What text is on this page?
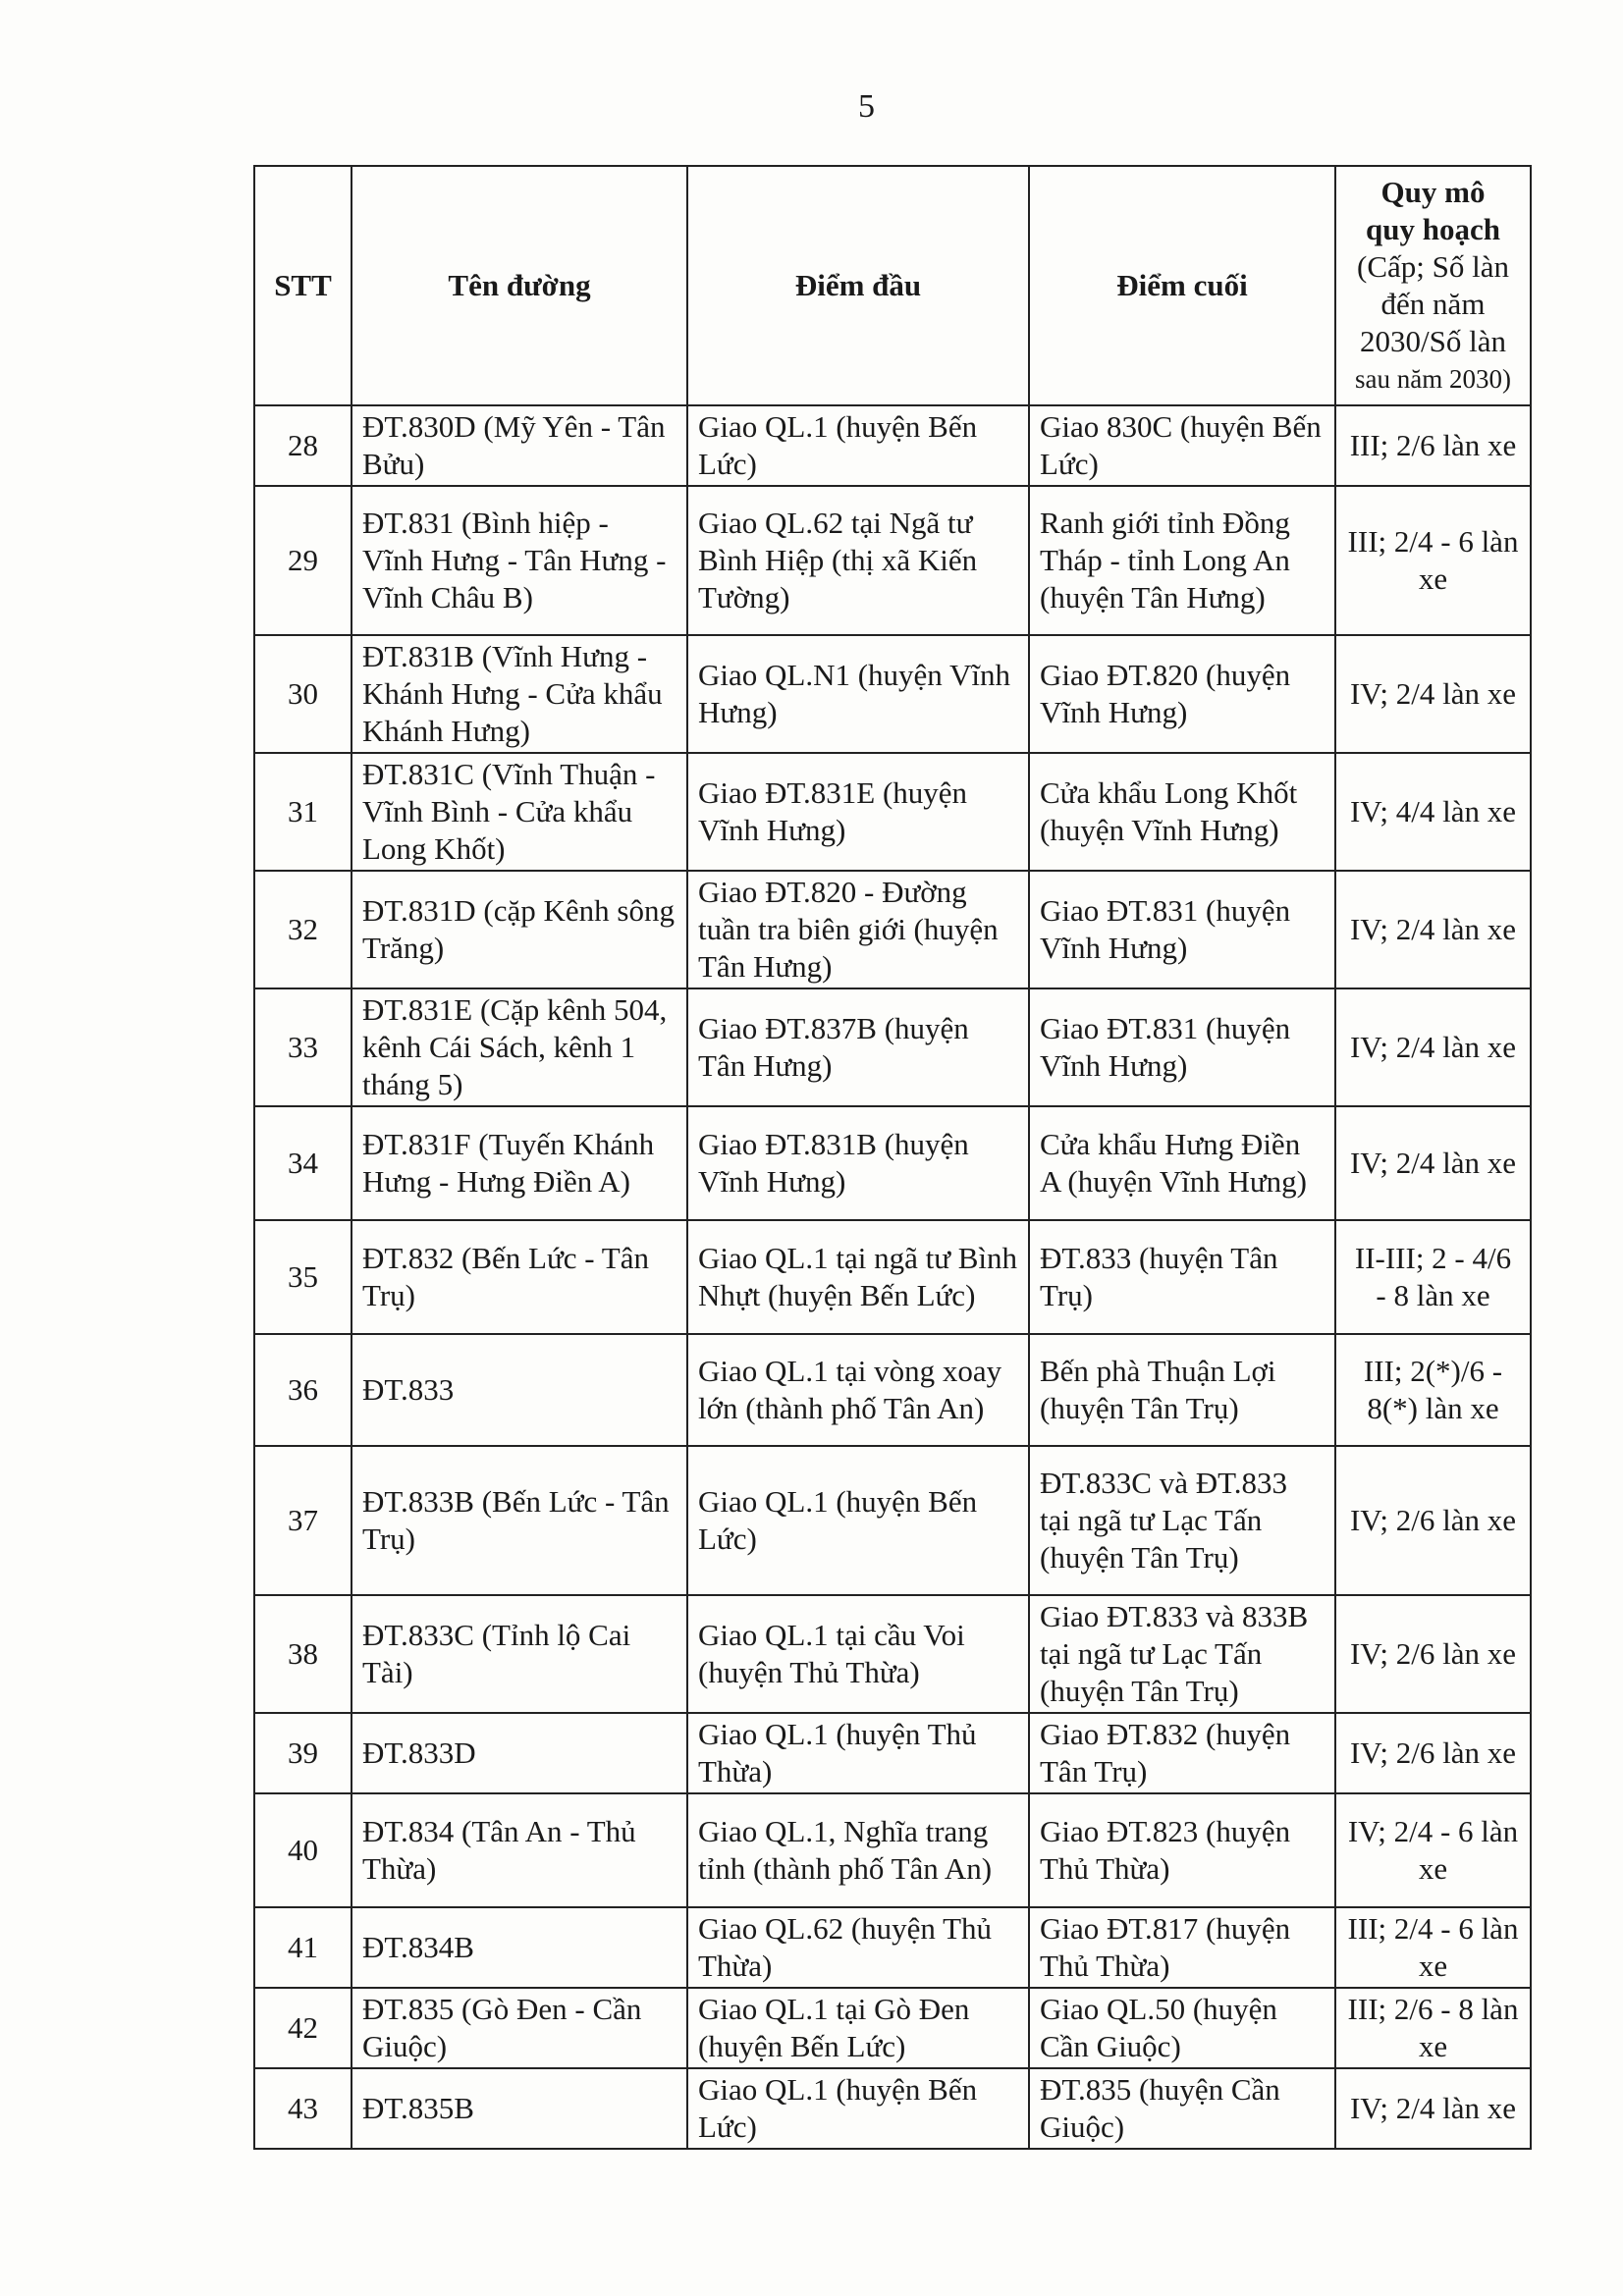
5
STT	Tên đường	Điểm đầu	Điểm cuối	Quy mô
quy hoạch
(Cấp; Số làn đến năm 2030/Số làn
sau năm 2030)

28	ĐT.830D (Mỹ Yên - Tân Bửu)	Giao QL.1 (huyện Bến Lức)	Giao 830C (huyện Bến Lức)	III; 2/6 làn xe
29	ĐT.831 (Bình hiệp - Vĩnh Hưng - Tân Hưng - Vĩnh Châu B)	Giao QL.62 tại Ngã tư Bình Hiệp (thị xã Kiến Tường)	Ranh giới tỉnh Đồng Tháp - tỉnh Long An (huyện Tân Hưng)	III; 2/4 - 6 làn xe
30	ĐT.831B (Vĩnh Hưng - Khánh Hưng - Cửa khẩu Khánh Hưng)	Giao QL.N1 (huyện Vĩnh Hưng)	Giao ĐT.820 (huyện Vĩnh Hưng)	IV; 2/4 làn xe
31	ĐT.831C (Vĩnh Thuận - Vĩnh Bình - Cửa khẩu Long Khốt)	Giao ĐT.831E (huyện Vĩnh Hưng)	Cửa khẩu Long Khốt (huyện Vĩnh Hưng)	IV; 4/4 làn xe
32	ĐT.831D (cặp Kênh sông Trăng)	Giao ĐT.820 - Đường tuần tra biên giới (huyện Tân Hưng)	Giao ĐT.831 (huyện Vĩnh Hưng)	IV; 2/4 làn xe
33	ĐT.831E (Cặp kênh 504, kênh Cái Sách, kênh 1 tháng 5)	Giao ĐT.837B (huyện Tân Hưng)	Giao ĐT.831 (huyện Vĩnh Hưng)	IV; 2/4 làn xe
34	ĐT.831F (Tuyến Khánh Hưng - Hưng Điền A)	Giao ĐT.831B (huyện Vĩnh Hưng)	Cửa khẩu Hưng Điền A (huyện Vĩnh Hưng)	IV; 2/4 làn xe
35	ĐT.832 (Bến Lức - Tân Trụ)	Giao QL.1 tại ngã tư Bình Nhựt (huyện Bến Lức)	ĐT.833 (huyện Tân Trụ)	II-III; 2 - 4/6 - 8 làn xe
36	ĐT.833	Giao QL.1 tại vòng xoay lớn (thành phố Tân An)	Bến phà Thuận Lợi (huyện Tân Trụ)	III; 2(*)/6 - 8(*) làn xe
37	ĐT.833B (Bến Lức - Tân Trụ)	Giao QL.1 (huyện Bến Lức)	ĐT.833C và ĐT.833 tại ngã tư Lạc Tấn (huyện Tân Trụ)	IV; 2/6 làn xe
38	ĐT.833C (Tỉnh lộ Cai Tài)	Giao QL.1 tại cầu Voi (huyện Thủ Thừa)	Giao ĐT.833 và 833B tại ngã tư Lạc Tấn (huyện Tân Trụ)	IV; 2/6 làn xe
39	ĐT.833D	Giao QL.1 (huyện Thủ Thừa)	Giao ĐT.832 (huyện Tân Trụ)	IV; 2/6 làn xe
40	ĐT.834 (Tân An - Thủ Thừa)	Giao QL.1, Nghĩa trang tỉnh (thành phố Tân An)	Giao ĐT.823 (huyện Thủ Thừa)	IV; 2/4 - 6 làn xe
41	ĐT.834B	Giao QL.62 (huyện Thủ Thừa)	Giao ĐT.817 (huyện Thủ Thừa)	III; 2/4 - 6 làn xe
42	ĐT.835 (Gò Đen - Cần Giuộc)	Giao QL.1 tại Gò Đen (huyện Bến Lức)	Giao QL.50 (huyện Cần Giuộc)	III; 2/6 - 8 làn xe
43	ĐT.835B	Giao QL.1 (huyện Bến Lức)	ĐT.835 (huyện Cần Giuộc)	IV; 2/4 làn xe
